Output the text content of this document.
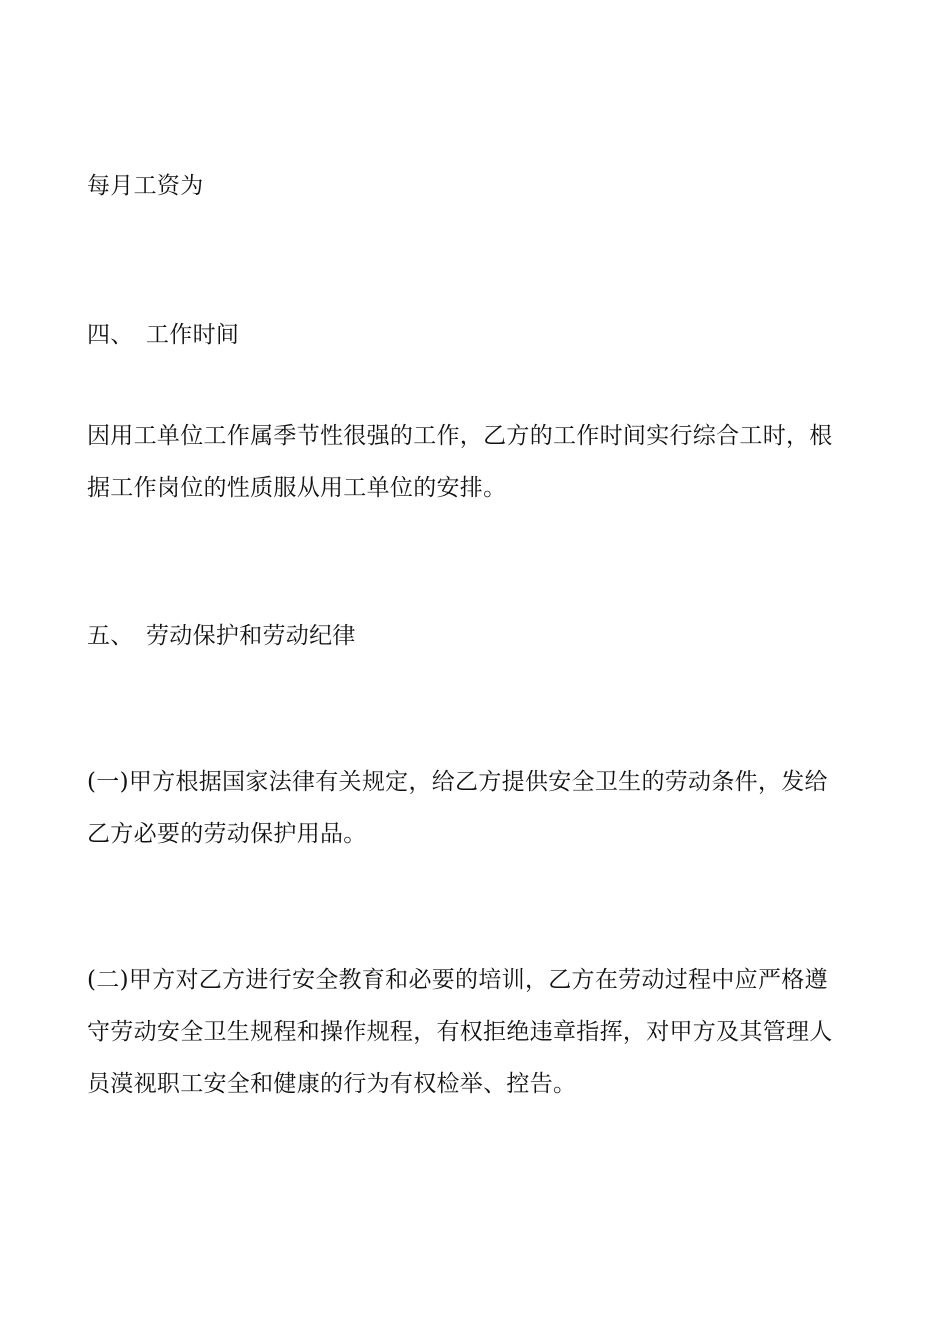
每月工资为
四、 工作时间
因用工单位工作属季节性很强的工作，乙方的工作时间实行综合工时，根
据工作岗位的性质服从用工单位的安排。
五、 劳动保护和劳动纪律
(一)甲方根据国家法律有关规定，给乙方提供安全卫生的劳动条件，发给
乙方必要的劳动保护用品。
(二)甲方对乙方进行安全教育和必要的培训，乙方在劳动过程中应严格遵
守劳动安全卫生规程和操作规程，有权拒绝违章指挥，对甲方及其管理人
员漠视职工安全和健康的行为有权检举、控告。
